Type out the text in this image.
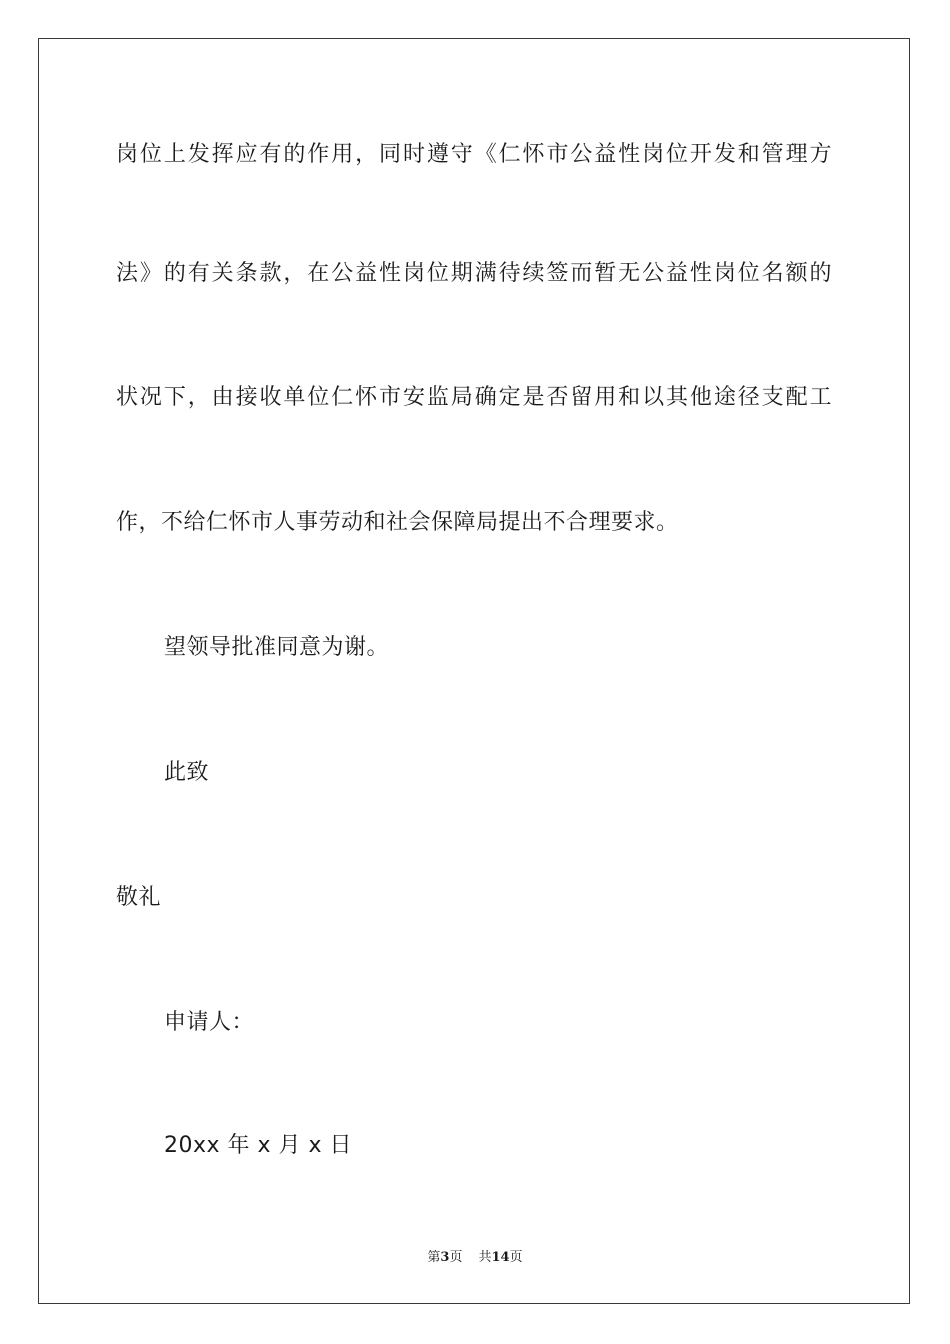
岗位上发挥应有的作用，同时遵守《仁怀市公益性岗位开发和管理方
法》的有关条款，在公益性岗位期满待续签而暂无公益性岗位名额的
状况下，由接收单位仁怀市安监局确定是否留用和以其他途径支配工
作，不给仁怀市人事劳动和社会保障局提出不合理要求。
望领导批准同意为谢。
此致
敬礼
申请人：
20xx 年 x 月 x 日
第3页 共14页
